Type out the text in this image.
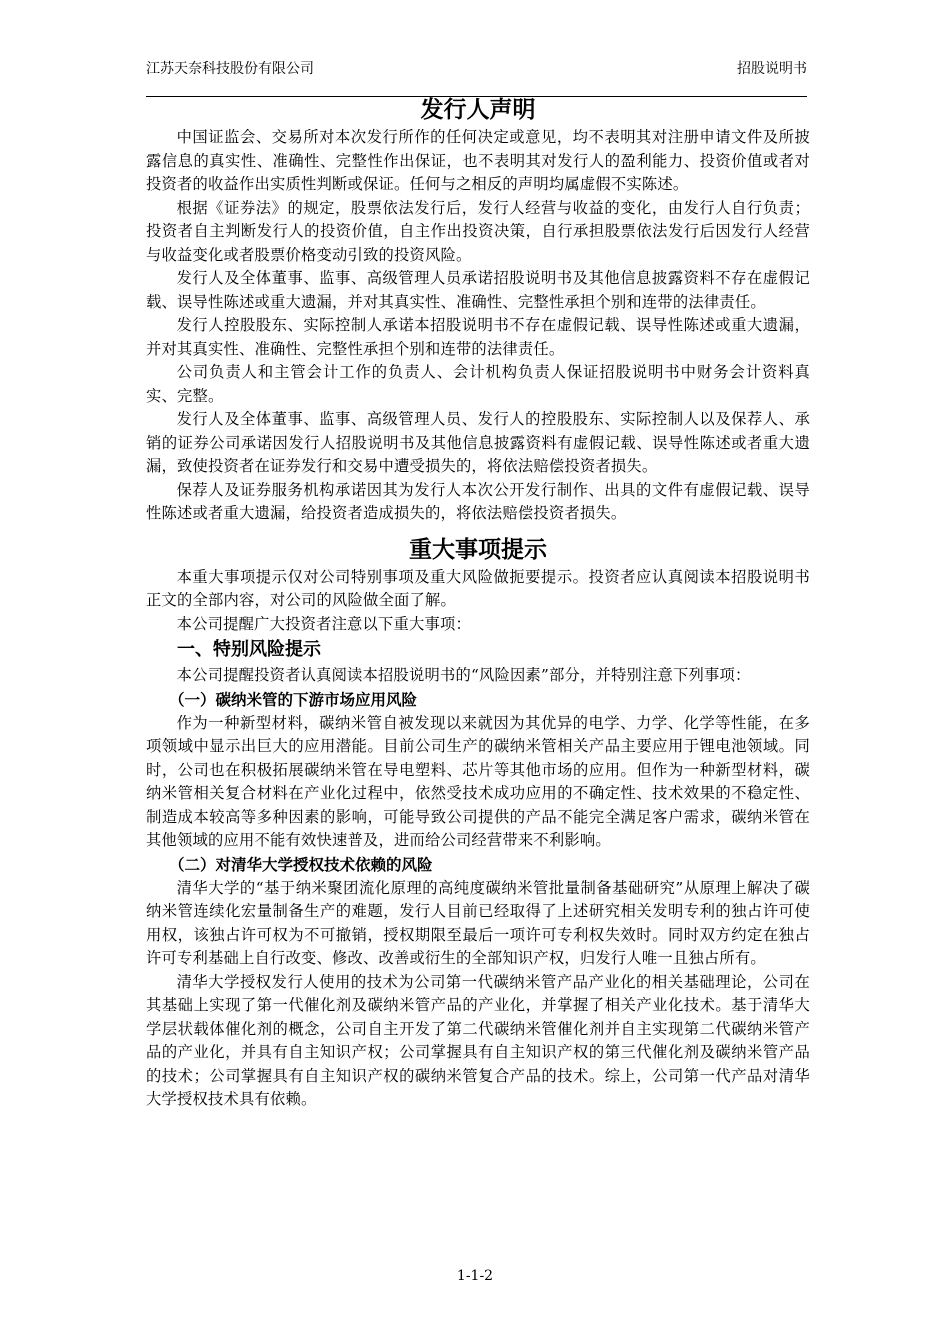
江苏天奈科技股份有限公司	招股说明书
发行人声明

中国证监会、交易所对本次发行所作的任何决定或意见，均不表明其对注册申请文件及所披露信息的真实性、准确性、完整性作出保证，也不表明其对发行人的盈利能力、投资价值或者对投资者的收益作出实质性判断或保证。任何与之相反的声明均属虚假不实陈述。

根据《证券法》的规定，股票依法发行后，发行人经营与收益的变化，由发行人自行负责；投资者自主判断发行人的投资价值，自主作出投资决策，自行承担股票依法发行后因发行人经营与收益变化或者股票价格变动引致的投资风险。

发行人及全体董事、监事、高级管理人员承诺招股说明书及其他信息披露资料不存在虚假记载、误导性陈述或重大遗漏，并对其真实性、准确性、完整性承担个别和连带的法律责任。

发行人控股股东、实际控制人承诺本招股说明书不存在虚假记载、误导性陈述或重大遗漏，并对其真实性、准确性、完整性承担个别和连带的法律责任。

公司负责人和主管会计工作的负责人、会计机构负责人保证招股说明书中财务会计资料真实、完整。

发行人及全体董事、监事、高级管理人员、发行人的控股股东、实际控制人以及保荐人、承销的证券公司承诺因发行人招股说明书及其他信息披露资料有虚假记载、误导性陈述或者重大遗漏，致使投资者在证券发行和交易中遭受损失的，将依法赔偿投资者损失。

保荐人及证券服务机构承诺因其为发行人本次公开发行制作、出具的文件有虚假记载、误导性陈述或者重大遗漏，给投资者造成损失的，将依法赔偿投资者损失。

重大事项提示

本重大事项提示仅对公司特别事项及重大风险做扼要提示。投资者应认真阅读本招股说明书正文的全部内容，对公司的风险做全面了解。

本公司提醒广大投资者注意以下重大事项：

一、特别风险提示

本公司提醒投资者认真阅读本招股说明书的“风险因素”部分，并特别注意下列事项：

（一）碳纳米管的下游市场应用风险

作为一种新型材料，碳纳米管自被发现以来就因为其优异的电学、力学、化学等性能，在多项领域中显示出巨大的应用潜能。目前公司生产的碳纳米管相关产品主要应用于锂电池领域。同时，公司也在积极拓展碳纳米管在导电塑料、芯片等其他市场的应用。但作为一种新型材料，碳纳米管相关复合材料在产业化过程中，依然受技术成功应用的不确定性、技术效果的不稳定性、制造成本较高等多种因素的影响，可能导致公司提供的产品不能完全满足客户需求，碳纳米管在其他领域的应用不能有效快速普及，进而给公司经营带来不利影响。

（二）对清华大学授权技术依赖的风险

清华大学的“基于纳米聚团流化原理的高纯度碳纳米管批量制备基础研究”从原理上解决了碳纳米管连续化宏量制备生产的难题，发行人目前已经取得了上述研究相关发明专利的独占许可使用权，该独占许可权为不可撤销，授权期限至最后一项许可专利权失效时。同时双方约定在独占许可专利基础上自行改变、修改、改善或衍生的全部知识产权，归发行人唯一且独占所有。

清华大学授权发行人使用的技术为公司第一代碳纳米管产品产业化的相关基础理论，公司在其基础上实现了第一代催化剂及碳纳米管产品的产业化，并掌握了相关产业化技术。基于清华大学层状载体催化剂的概念，公司自主开发了第二代碳纳米管催化剂并自主实现第二代碳纳米管产品的产业化，并具有自主知识产权；公司掌握具有自主知识产权的第三代催化剂及碳纳米管产品的技术；公司掌握具有自主知识产权的碳纳米管复合产品的技术。综上，公司第一代产品对清华大学授权技术具有依赖。

1-1-2
